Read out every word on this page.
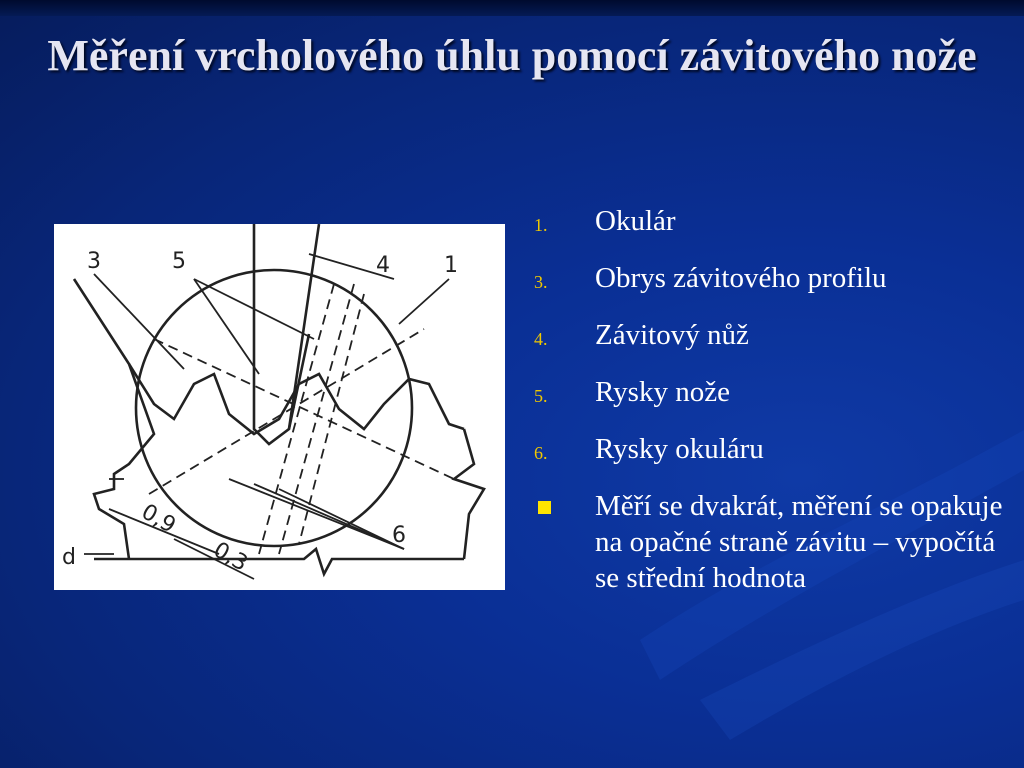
Měření vrcholového úhlu pomocí závitového nože
3	5	4 1
6
d
0,9
0,3
1. Okulár
3. Obrys závitového profilu
4. Závitový nůž
5. Rysky nože
6. Rysky okuláru
Měří se dvakrát, měření se opakuje na opačné straně závitu – vypočítá se střední hodnota
